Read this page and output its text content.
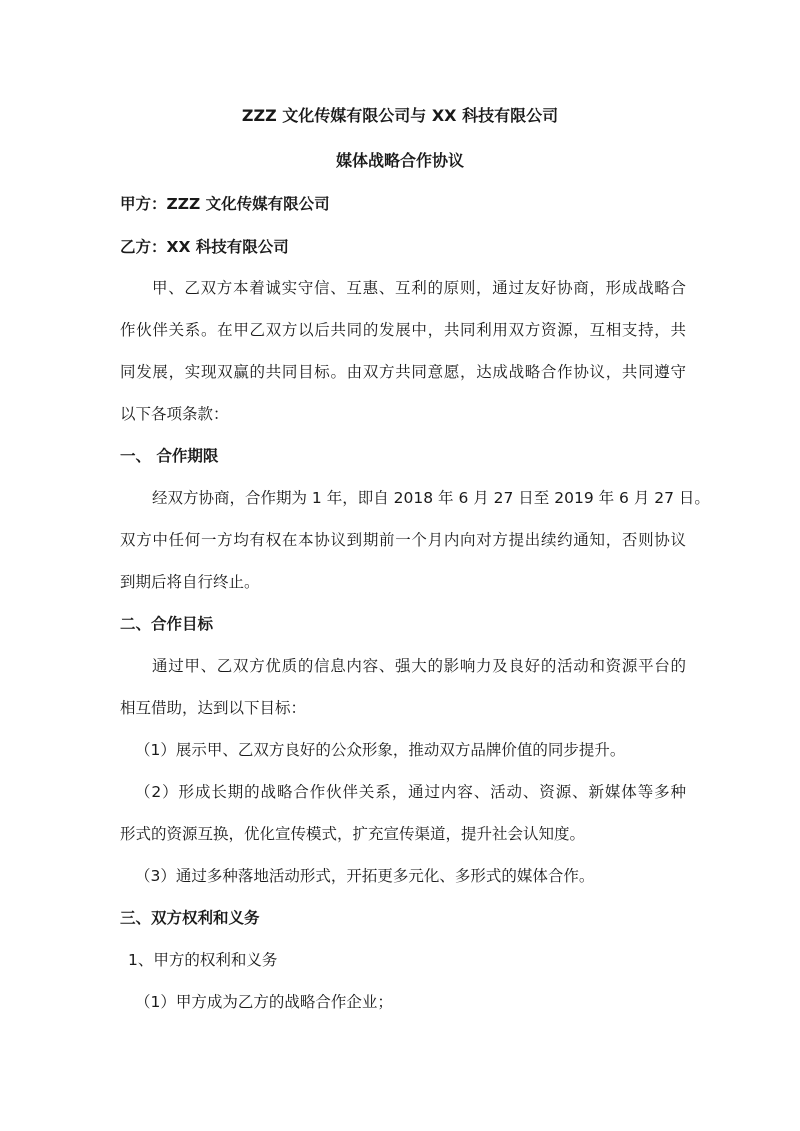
ZZZ 文化传媒有限公司与 XX 科技有限公司

媒体战略合作协议

甲方：ZZZ 文化传媒有限公司

乙方：XX 科技有限公司

甲、乙双方本着诚实守信、互惠、互利的原则，通过友好协商，形成战略合

作伙伴关系。在甲乙双方以后共同的发展中，共同利用双方资源，互相支持，共

同发展，实现双赢的共同目标。由双方共同意愿，达成战略合作协议，共同遵守

以下各项条款：

一、 合作期限

经双方协商，合作期为 1 年，即自 2018 年 6 月 27 日至 2019 年 6 月 27 日。

双方中任何一方均有权在本协议到期前一个月内向对方提出续约通知，否则协议

到期后将自行终止。

二、合作目标

通过甲、乙双方优质的信息内容、强大的影响力及良好的活动和资源平台的

相互借助，达到以下目标：

（1）展示甲、乙双方良好的公众形象，推动双方品牌价值的同步提升。

（2）形成长期的战略合作伙伴关系，通过内容、活动、资源、新媒体等多种

形式的资源互换，优化宣传模式，扩充宣传渠道，提升社会认知度。

（3）通过多种落地活动形式，开拓更多元化、多形式的媒体合作。

三、双方权利和义务

1、甲方的权利和义务

（1）甲方成为乙方的战略合作企业；
